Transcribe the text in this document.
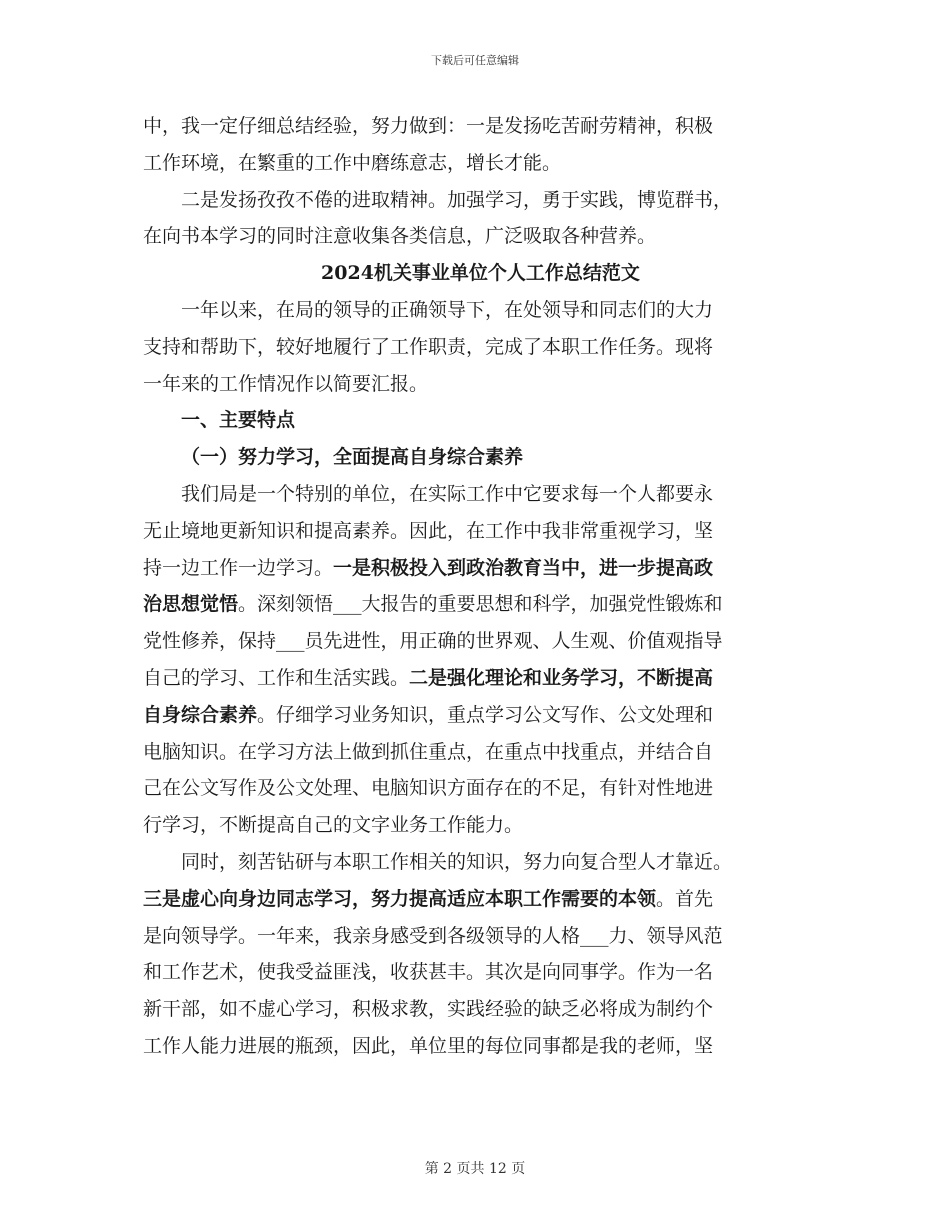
下载后可任意编辑
中，我一定仔细总结经验，努力做到：一是发扬吃苦耐劳精神，积极
工作环境，在繁重的工作中磨练意志，增长才能。
二是发扬孜孜不倦的进取精神。加强学习，勇于实践，博览群书，
在向书本学习的同时注意收集各类信息，广泛吸取各种营养。
2024机关事业单位个人工作总结范文
一年以来，在局的领导的正确领导下，在处领导和同志们的大力
支持和帮助下，较好地履行了工作职责，完成了本职工作任务。现将
一年来的工作情况作以简要汇报。
一、主要特点
（一）努力学习，全面提高自身综合素养
我们局是一个特别的单位，在实际工作中它要求每一个人都要永
无止境地更新知识和提高素养。因此，在工作中我非常重视学习，坚
持一边工作一边学习。一是积极投入到政治教育当中，进一步提高政
治思想觉悟。深刻领悟___大报告的重要思想和科学，加强党性锻炼和
党性修养，保持___员先进性，用正确的世界观、人生观、价值观指导
自己的学习、工作和生活实践。二是强化理论和业务学习，不断提高
自身综合素养。仔细学习业务知识，重点学习公文写作、公文处理和
电脑知识。在学习方法上做到抓住重点，在重点中找重点，并结合自
己在公文写作及公文处理、电脑知识方面存在的不足，有针对性地进
行学习，不断提高自己的文字业务工作能力。
同时，刻苦钻研与本职工作相关的知识，努力向复合型人才靠近。
三是虚心向身边同志学习，努力提高适应本职工作需要的本领。首先
是向领导学。一年来，我亲身感受到各级领导的人格___力、领导风范
和工作艺术，使我受益匪浅，收获甚丰。其次是向同事学。作为一名
新干部，如不虚心学习，积极求教，实践经验的缺乏必将成为制约个
工作人能力进展的瓶颈，因此，单位里的每位同事都是我的老师，坚
第 2 页共 12 页
